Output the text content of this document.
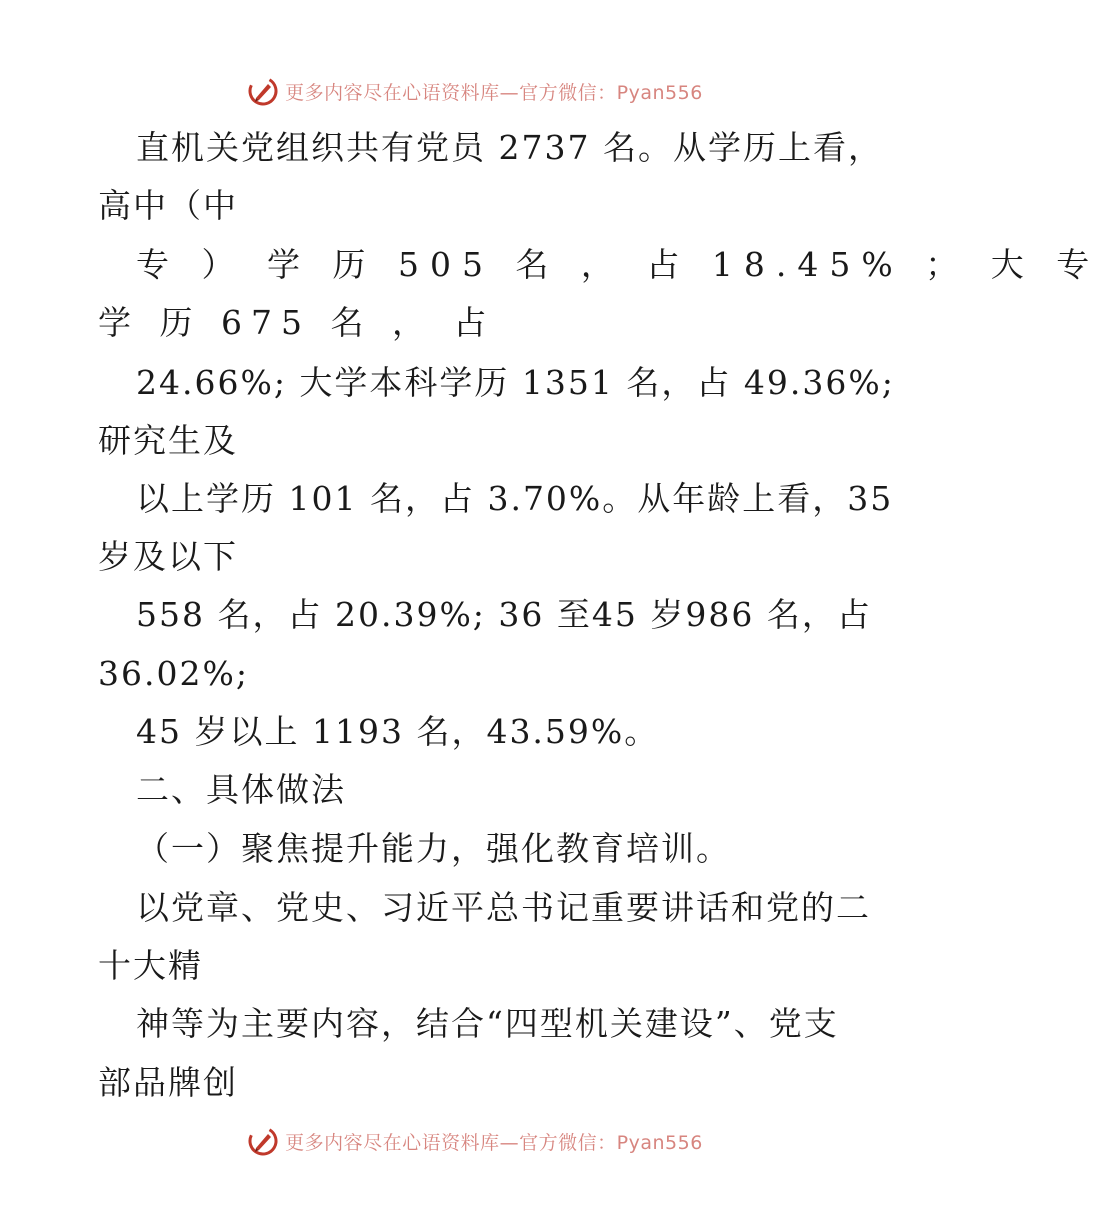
更多内容尽在心语资料库—官方微信：Pyan556
直机关党组织共有党员 2737 名。从学历上看，
高中（中
专 ） 学 历 505 名 ， 占 18.45% ； 大 专
学 历 675 名 ， 占
24.66%; 大学本科学历 1351 名，占 49.36%;
研究生及
以上学历 101 名，占 3.70%。从年龄上看，35
岁及以下
558 名，占 20.39%; 36 至45 岁986 名，占
36.02%;
45 岁以上 1193 名，43.59%。
二、具体做法
（一）聚焦提升能力，强化教育培训。
以党章、党史、习近平总书记重要讲话和党的二
十大精
神等为主要内容，结合“四型机关建设”、党支
部品牌创
更多内容尽在心语资料库—官方微信：Pyan556
